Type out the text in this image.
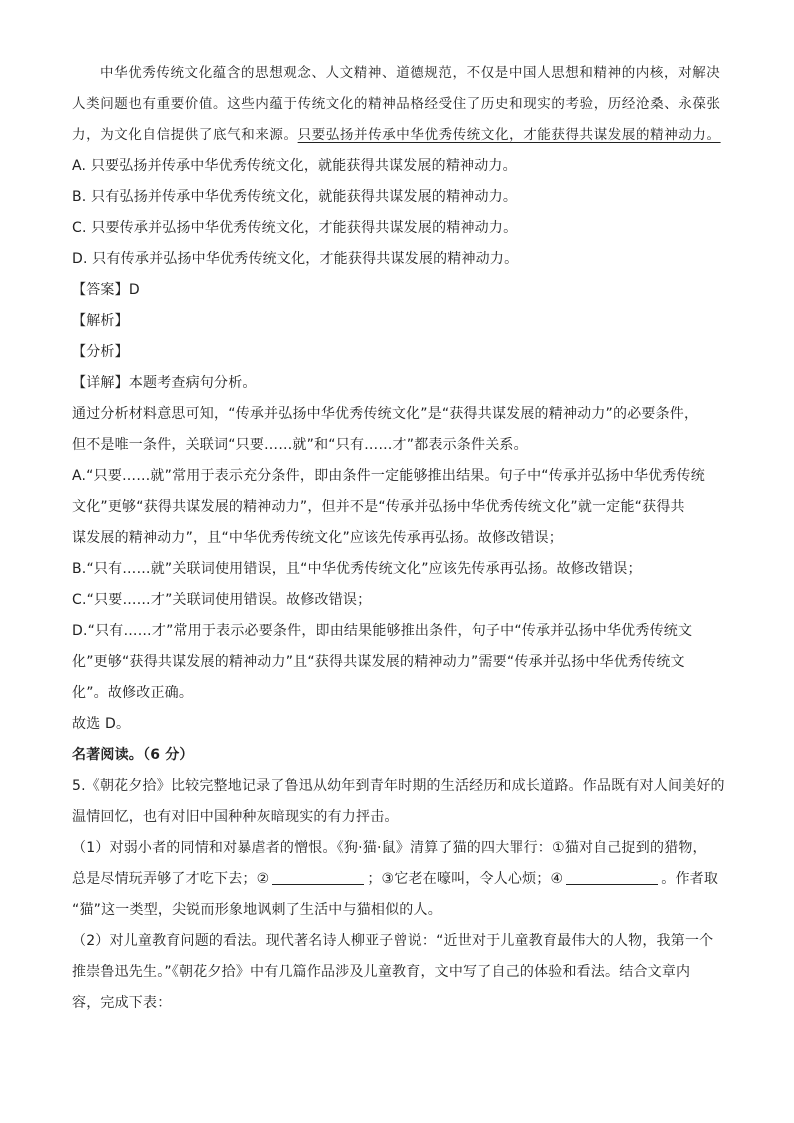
中华优秀传统文化蕴含的思想观念、人文精神、道德规范，不仅是中国人思想和精神的内核，对解决
人类问题也有重要价值。这些内蕴于传统文化的精神品格经受住了历史和现实的考验，历经沧桑、永葆张
力，为文化自信提供了底气和来源。只要弘扬并传承中华优秀传统文化，才能获得共谋发展的精神动力。
A. 只要弘扬并传承中华优秀传统文化，就能获得共谋发展的精神动力。
B. 只有弘扬并传承中华优秀传统文化，就能获得共谋发展的精神动力。
C. 只要传承并弘扬中华优秀传统文化，才能获得共谋发展的精神动力。
D. 只有传承并弘扬中华优秀传统文化，才能获得共谋发展的精神动力。
【答案】D
【解析】
【分析】
【详解】本题考查病句分析。
通过分析材料意思可知，“传承并弘扬中华优秀传统文化”是“获得共谋发展的精神动力”的必要条件，
但不是唯一条件，关联词“只要……就”和“只有……才”都表示条件关系。
A.“只要……就”常用于表示充分条件，即由条件一定能够推出结果。句子中“传承并弘扬中华优秀传统
文化”更够“获得共谋发展的精神动力”，但并不是“传承并弘扬中华优秀传统文化”就一定能“获得共
谋发展的精神动力”，且“中华优秀传统文化”应该先传承再弘扬。故修改错误；
B.“只有……就”关联词使用错误，且“中华优秀传统文化”应该先传承再弘扬。故修改错误；
C.“只要……才”关联词使用错误。故修改错误；
D.“只有……才”常用于表示必要条件，即由结果能够推出条件，句子中“传承并弘扬中华优秀传统文
化”更够“获得共谋发展的精神动力”且“获得共谋发展的精神动力”需要“传承并弘扬中华优秀传统文
化”。故修改正确。
故选 D。
名著阅读。（6 分）
5.《朝花夕拾》比较完整地记录了鲁迅从幼年到青年时期的生活经历和成长道路。作品既有对人间美好的
温情回忆，也有对旧中国种种灰暗现实的有力抨击。
（1）对弱小者的同情和对暴虐者的憎恨。《狗·猫·鼠》清算了猫的四大罪行：①猫对自己捉到的猎物，
总是尽情玩弄够了才吃下去；②	；③它老在嚎叫，令人心烦；④	。作者取
“猫”这一类型，尖锐而形象地讽刺了生活中与猫相似的人。
（2）对儿童教育问题的看法。现代著名诗人柳亚子曾说：“近世对于儿童教育最伟大的人物，我第一个
推崇鲁迅先生。”《朝花夕拾》中有几篇作品涉及儿童教育，文中写了自己的体验和看法。结合文章内
容，完成下表：
